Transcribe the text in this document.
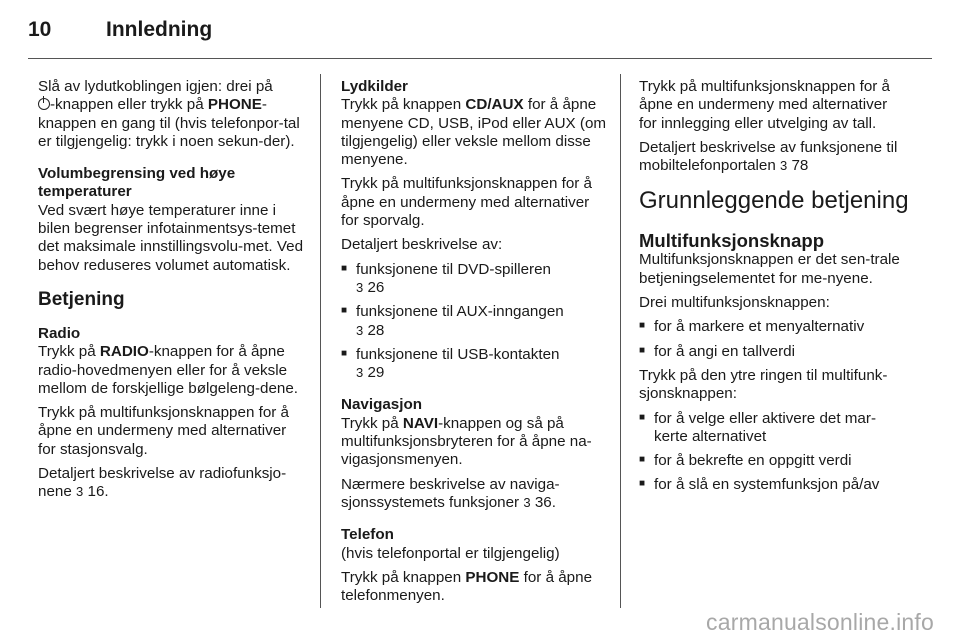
10	Innledning

Slå av lydutkoblingen igjen: drei på
-knappen eller trykk på PHONE-knappen en gang til (hvis telefonpor-tal er tilgjengelig: trykk i noen sekun-der).

Volumbegrensing ved høye temperaturer

Ved svært høye temperaturer inne i bilen begrenser infotainmentsys-temet det maksimale innstillingsvolu-met. Ved behov reduseres volumet automatisk.

Betjening

Radio

Trykk på RADIO-knappen for å åpne radio-hovedmenyen eller for å veksle mellom de forskjellige bølgeleng-dene.

Trykk på multifunksjonsknappen for å åpne en undermeny med alternativer for stasjonsvalg.

Detaljert beskrivelse av radiofunksjo-nene 3 16.

Lydkilder

Trykk på knappen CD/AUX for å åpne menyene CD, USB, iPod eller AUX (om tilgjengelig) eller veksle mellom disse menyene.

Trykk på multifunksjonsknappen for å åpne en undermeny med alternativer for sporvalg.

Detaljert beskrivelse av:

■ funksjonene til DVD-spilleren
3 26
■ funksjonene til AUX-inngangen
3 28
■ funksjonene til USB-kontakten
3 29

Navigasjon

Trykk på NAVI-knappen og så på multifunksjonsbryteren for å åpne na-vigasjonsmenyen.

Nærmere beskrivelse av naviga-sjonssystemets funksjoner 3 36.

Telefon

(hvis telefonportal er tilgjengelig)

Trykk på knappen PHONE for å åpne telefonmenyen.

Trykk på multifunksjonsknappen for å åpne en undermeny med alternativer for innlegging eller utvelging av tall.

Detaljert beskrivelse av funksjonene til mobiltelefonportalen 3 78

Grunnleggende betjening

Multifunksjonsknapp

Multifunksjonsknappen er det sen-trale betjeningselementet for me-nyene.

Drei multifunksjonsknappen:

■ for å markere et menyalternativ
■ for å angi en tallverdi

Trykk på den ytre ringen til multifunk-sjonsknappen:

■ for å velge eller aktivere det mar-kerte alternativet
■ for å bekrefte en oppgitt verdi
■ for å slå en systemfunksjon på/av
carmanualsonline.info
